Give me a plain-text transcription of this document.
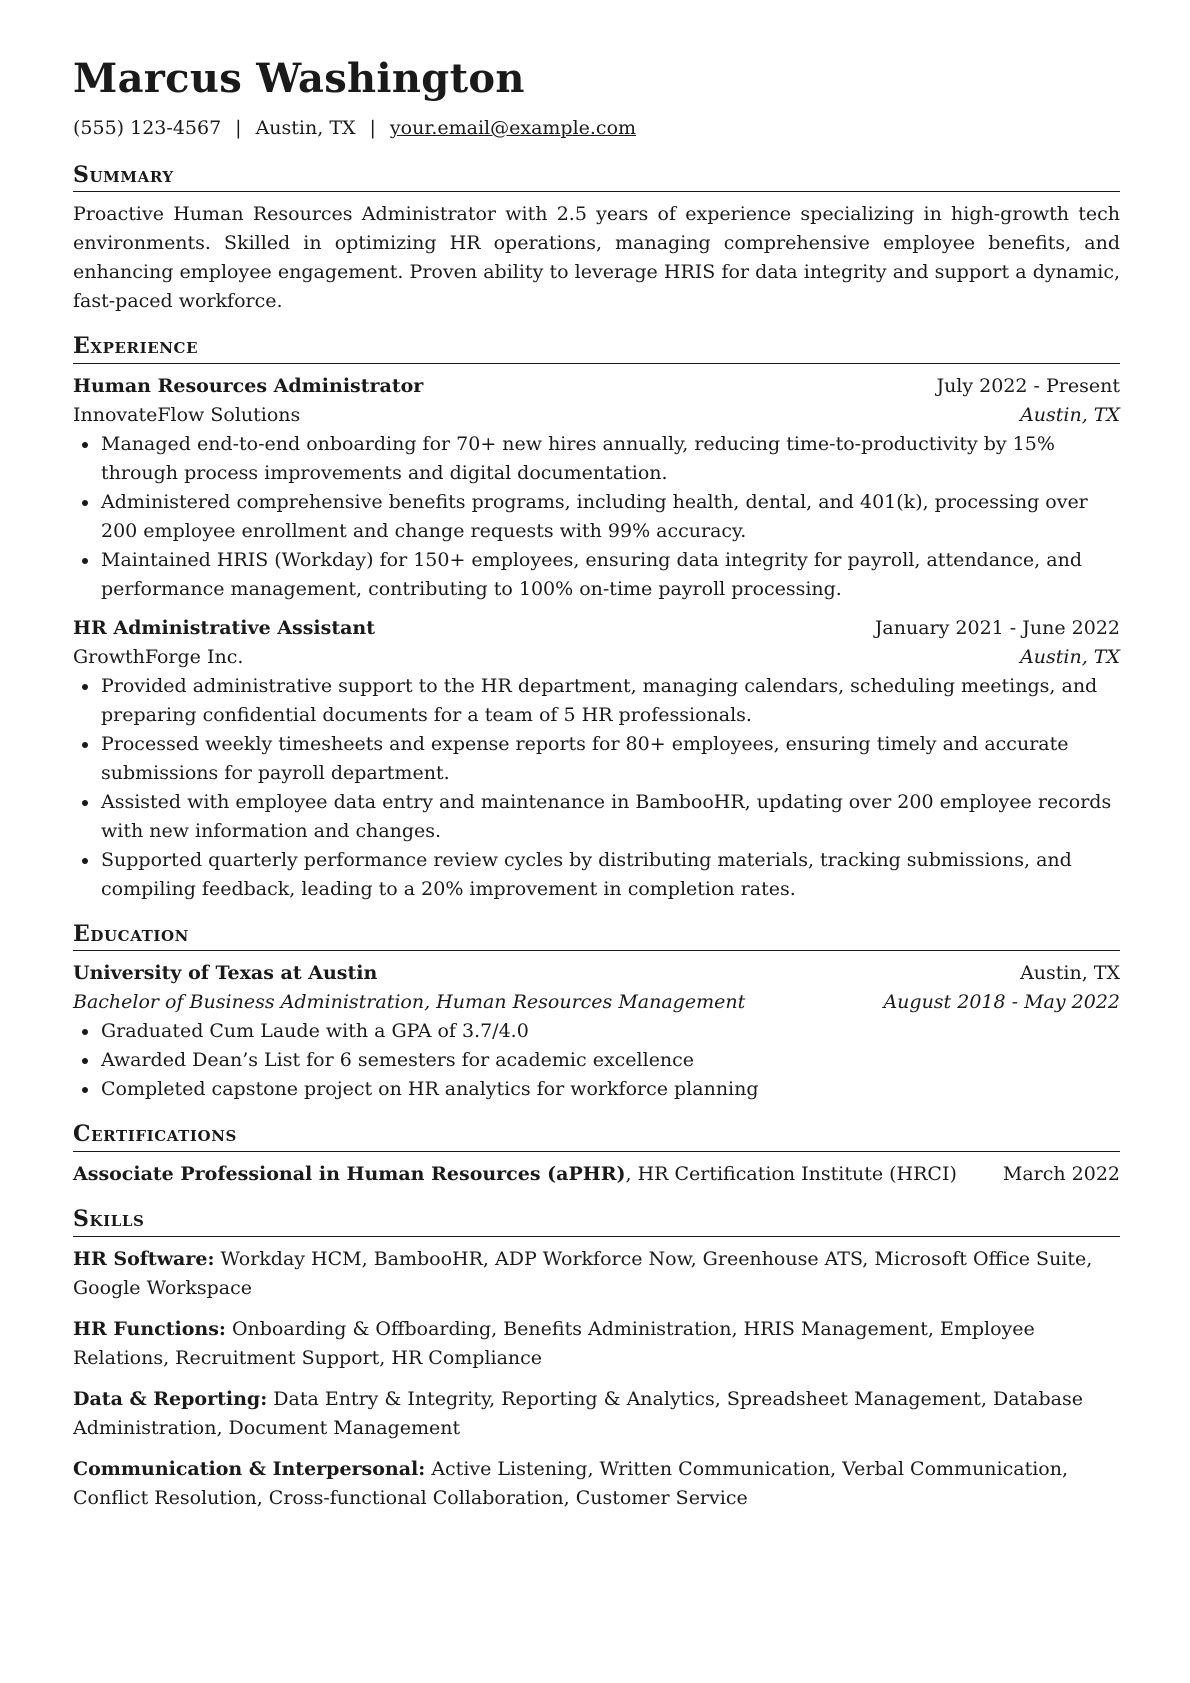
Marcus Washington
(555) 123-4567 | Austin, TX | your.email@example.com
Summary
Proactive Human Resources Administrator with 2.5 years of experience specializing in high-growth tech environments. Skilled in optimizing HR operations, managing comprehensive employee benefits, and enhancing employee engagement. Proven ability to leverage HRIS for data integrity and support a dynamic, fast-paced workforce.
Experience
Human Resources Administrator	July 2022 - Present
InnovateFlow Solutions	Austin, TX
Managed end-to-end onboarding for 70+ new hires annually, reducing time-to-productivity by 15% through process improvements and digital documentation.
Administered comprehensive benefits programs, including health, dental, and 401(k), processing over 200 employee enrollment and change requests with 99% accuracy.
Maintained HRIS (Workday) for 150+ employees, ensuring data integrity for payroll, attendance, and performance management, contributing to 100% on-time payroll processing.
HR Administrative Assistant	January 2021 - June 2022
GrowthForge Inc.	Austin, TX
Provided administrative support to the HR department, managing calendars, scheduling meetings, and preparing confidential documents for a team of 5 HR professionals.
Processed weekly timesheets and expense reports for 80+ employees, ensuring timely and accurate submissions for payroll department.
Assisted with employee data entry and maintenance in BambooHR, updating over 200 employee records with new information and changes.
Supported quarterly performance review cycles by distributing materials, tracking submissions, and compiling feedback, leading to a 20% improvement in completion rates.
Education
University of Texas at Austin	Austin, TX
Bachelor of Business Administration, Human Resources Management	August 2018 - May 2022
Graduated Cum Laude with a GPA of 3.7/4.0
Awarded Dean’s List for 6 semesters for academic excellence
Completed capstone project on HR analytics for workforce planning
Certifications
Associate Professional in Human Resources (aPHR), HR Certification Institute (HRCI) March 2022
Skills
HR Software: Workday HCM, BambooHR, ADP Workforce Now, Greenhouse ATS, Microsoft Office Suite, Google Workspace
HR Functions: Onboarding & Offboarding, Benefits Administration, HRIS Management, Employee Relations, Recruitment Support, HR Compliance
Data & Reporting: Data Entry & Integrity, Reporting & Analytics, Spreadsheet Management, Database Administration, Document Management
Communication & Interpersonal: Active Listening, Written Communication, Verbal Communication, Conflict Resolution, Cross-functional Collaboration, Customer Service
